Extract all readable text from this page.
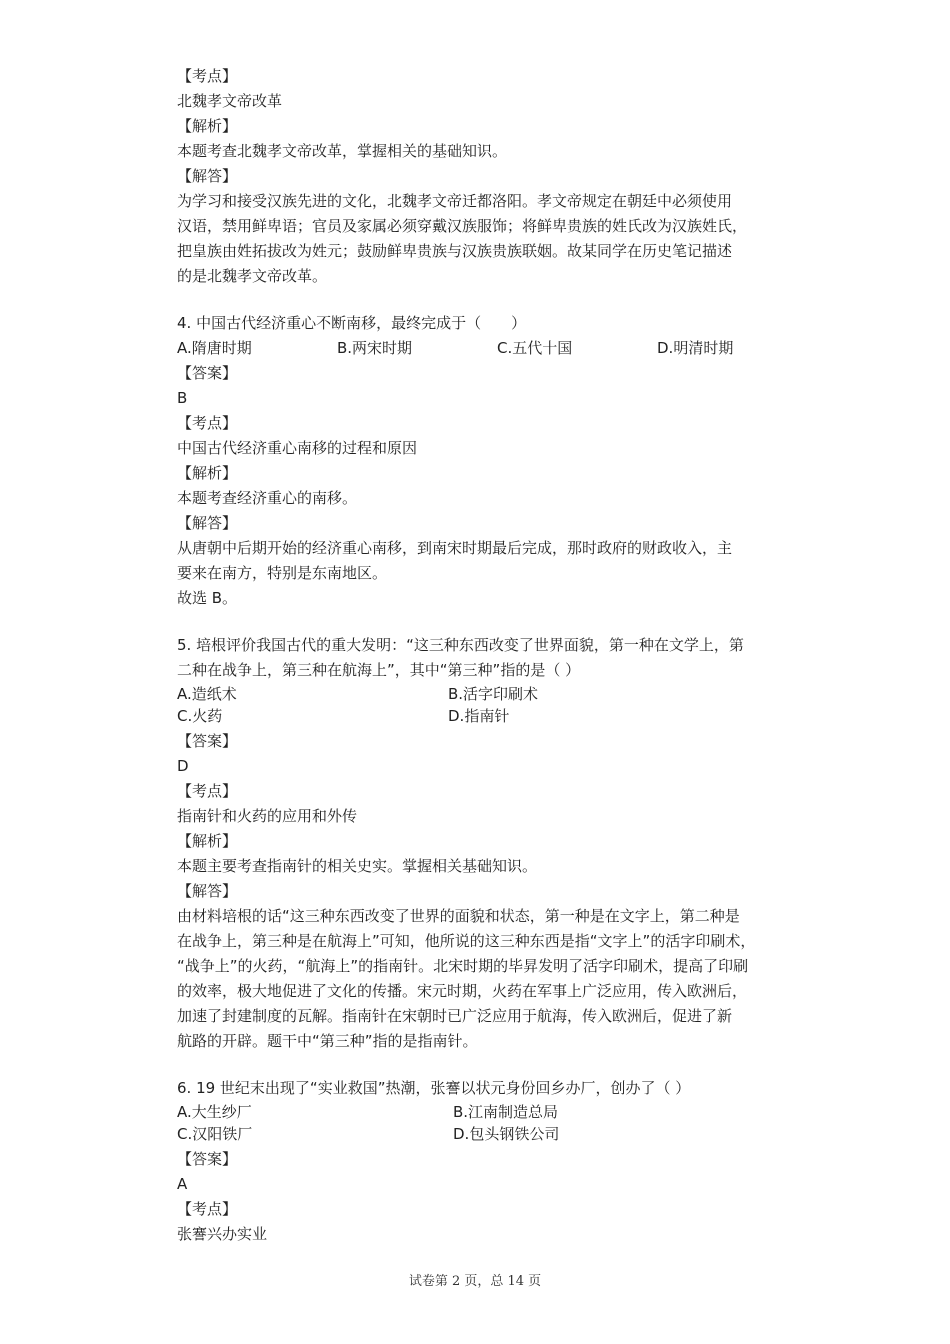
【考点】
北魏孝文帝改革
【解析】
本题考查北魏孝文帝改革，掌握相关的基础知识。
【解答】
为学习和接受汉族先进的文化，北魏孝文帝迁都洛阳。孝文帝规定在朝廷中必须使用
汉语，禁用鲜卑语；官员及家属必须穿戴汉族服饰；将鲜卑贵族的姓氏改为汉族姓氏，
把皇族由姓拓拔改为姓元；鼓励鲜卑贵族与汉族贵族联姻。故某同学在历史笔记描述
的是北魏孝文帝改革。
4. 中国古代经济重心不断南移，最终完成于（　　）
A.隋唐时期	B.两宋时期	C.五代十国	D.明清时期
【答案】
B
【考点】
中国古代经济重心南移的过程和原因
【解析】
本题考查经济重心的南移。
【解答】
从唐朝中后期开始的经济重心南移，到南宋时期最后完成，那时政府的财政收入，主
要来在南方，特别是东南地区。
故选 B。
5. 培根评价我国古代的重大发明：“这三种东西改变了世界面貌，第一种在文学上，第
二种在战争上，第三种在航海上”，其中“第三种”指的是（ ）
A.造纸术	B.活字印刷术
C.火药	D.指南针
【答案】
D
【考点】
指南针和火药的应用和外传
【解析】
本题主要考查指南针的相关史实。掌握相关基础知识。
【解答】
由材料培根的话“这三种东西改变了世界的面貌和状态，第一种是在文字上，第二种是
在战争上，第三种是在航海上”可知，他所说的这三种东西是指“文字上”的活字印刷术，
“战争上”的火药，“航海上”的指南针。北宋时期的毕昇发明了活字印刷术，提高了印刷
的效率，极大地促进了文化的传播。宋元时期，火药在军事上广泛应用，传入欧洲后，
加速了封建制度的瓦解。指南针在宋朝时已广泛应用于航海，传入欧洲后，促进了新
航路的开辟。题干中“第三种”指的是指南针。
6. 19 世纪末出现了“实业救国”热潮，张謇以状元身份回乡办厂，创办了（ ）
A.大生纱厂	B.江南制造总局
C.汉阳铁厂	D.包头钢铁公司
【答案】
A
【考点】
张謇兴办实业
试卷第 2 页，总 14 页
